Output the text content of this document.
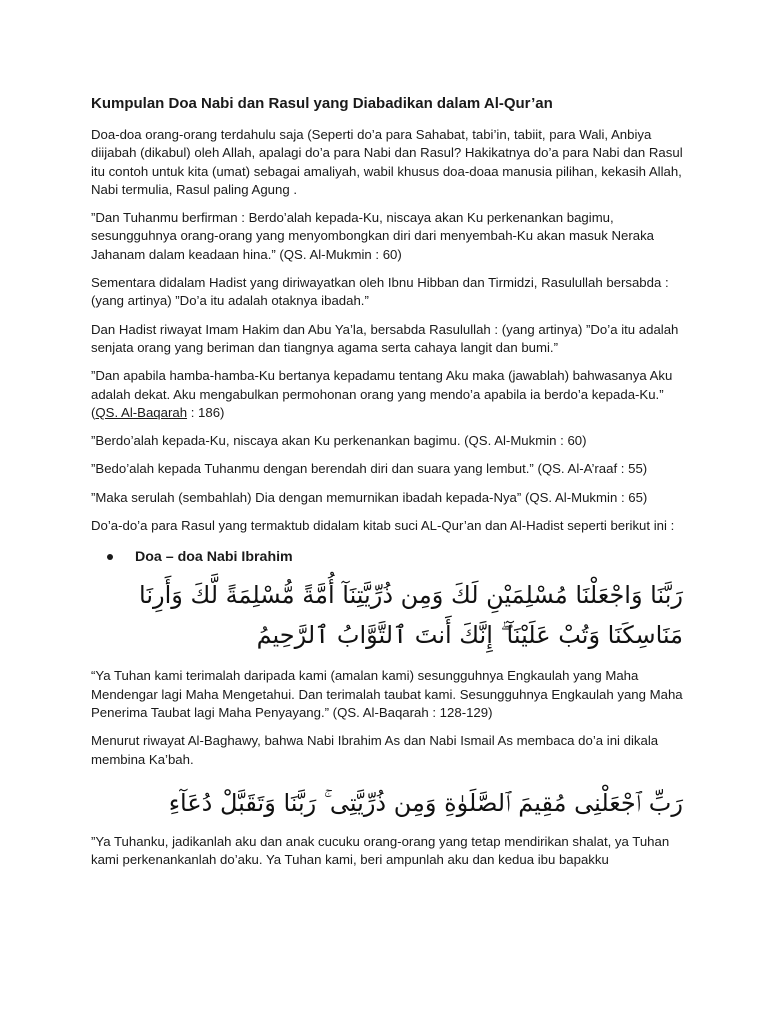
Kumpulan Doa Nabi dan Rasul yang Diabadikan dalam Al-Qur’an

Doa-doa orang-orang terdahulu saja (Seperti do’a para Sahabat, tabi’in, tabiit, para Wali, Anbiya diijabah (dikabul) oleh Allah, apalagi do’a para Nabi dan Rasul? Hakikatnya do’a para Nabi dan Rasul itu contoh untuk kita (umat) sebagai amaliyah, wabil khusus doa-doaa manusia pilihan, kekasih Allah, Nabi termulia, Rasul paling Agung .

”Dan Tuhanmu berfirman : Berdo’alah kepada-Ku, niscaya akan Ku perkenankan bagimu, sesungguhnya orang-orang yang menyombongkan diri dari menyembah-Ku akan masuk Neraka Jahanam dalam keadaan hina.” (QS. Al-Mukmin : 60)

Sementara didalam Hadist yang diriwayatkan oleh Ibnu Hibban dan Tirmidzi, Rasulullah bersabda : (yang artinya) ”Do’a itu adalah otaknya ibadah.”

Dan Hadist riwayat Imam Hakim dan Abu Ya’la, bersabda Rasulullah : (yang artinya) ”Do’a itu adalah senjata orang yang beriman dan tiangnya agama serta cahaya langit dan bumi.”

”Dan apabila hamba-hamba-Ku bertanya kepadamu tentang Aku maka (jawablah) bahwasanya Aku adalah dekat. Aku mengabulkan permohonan orang yang mendo’a apabila ia berdo’a kepada-Ku.” (QS. Al-Baqarah : 186)

”Berdo’alah kepada-Ku, niscaya akan Ku perkenankan bagimu. (QS. Al-Mukmin : 60)

”Bedo’alah kepada Tuhanmu dengan berendah diri dan suara yang lembut.” (QS. Al-A’raaf : 55)

”Maka serulah (sembahlah) Dia dengan memurnikan ibadah kepada-Nya” (QS. Al-Mukmin : 65)

Do’a-do’a para Rasul yang termaktub didalam kitab suci AL-Qur’an dan Al-Hadist seperti berikut ini :

Doa – doa Nabi Ibrahim
رَبَّنَا وَاجْعَلْنَا مُسْلِمَيْنِ لَكَ وَمِن ذُرِّيَّتِنَآ أُمَّةً مُّسْلِمَةً لَّكَ وَأَرِنَا مَنَاسِكَنَا وَتُبْ عَلَيْنَآ ۖ إِنَّكَ أَنتَ ٱلتَّوَّابُ ٱلرَّحِيمُ

“Ya Tuhan kami terimalah daripada kami (amalan kami) sesungguhnya Engkaulah yang Maha Mendengar lagi Maha Mengetahui. Dan terimalah taubat kami. Sesungguhnya Engkaulah yang Maha Penerima Taubat lagi Maha Penyayang.” (QS. Al-Baqarah : 128-129)

Menurut riwayat Al-Baghawy, bahwa Nabi Ibrahim As dan Nabi Ismail As membaca do’a ini dikala membina Ka’bah.

رَبِّ ٱجْعَلْنِى مُقِيمَ ٱلصَّلَوٰةِ وَمِن ذُرِّيَّتِى ۚ رَبَّنَا وَتَقَبَّلْ دُعَآءِ

”Ya Tuhanku, jadikanlah aku dan anak cucuku orang-orang yang tetap mendirikan shalat, ya Tuhan kami perkenankanlah do’aku. Ya Tuhan kami, beri ampunlah aku dan kedua ibu bapakku
